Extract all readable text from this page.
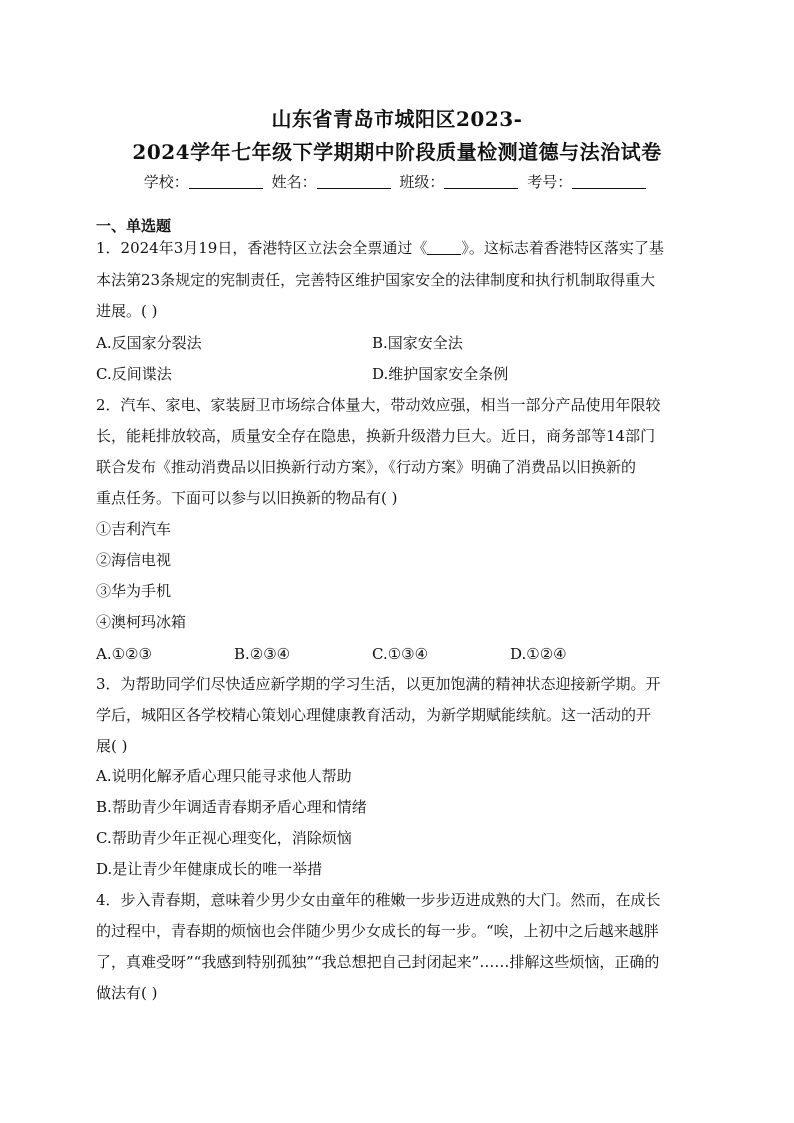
山东省青岛市城阳区2023-
2024学年七年级下学期期中阶段质量检测道德与法治试卷
学校：	姓名：	班级：	考号：
一、单选题
1．2024年3月19日，香港特区立法会全票通过《 》。这标志着香港特区落实了基
本法第23条规定的宪制责任，完善特区维护国家安全的法律制度和执行机制取得重大
进展。( )
A.反国家分裂法	B.国家安全法
C.反间谍法	D.维护国家安全条例
2．汽车、家电、家装厨卫市场综合体量大，带动效应强，相当一部分产品使用年限较
长，能耗排放较高，质量安全存在隐患，换新升级潜力巨大。近日，商务部等14部门
联合发布《推动消费品以旧换新行动方案》，《行动方案》明确了消费品以旧换新的
重点任务。下面可以参与以旧换新的物品有( )
①吉利汽车
②海信电视
③华为手机
④澳柯玛冰箱
A.①②③	B.②③④	C.①③④	D.①②④
3．为帮助同学们尽快适应新学期的学习生活，以更加饱满的精神状态迎接新学期。开
学后，城阳区各学校精心策划心理健康教育活动，为新学期赋能续航。这一活动的开
展( )
A.说明化解矛盾心理只能寻求他人帮助
B.帮助青少年调适青春期矛盾心理和情绪
C.帮助青少年正视心理变化，消除烦恼
D.是让青少年健康成长的唯一举措
4．步入青春期，意味着少男少女由童年的稚嫩一步步迈进成熟的大门。然而，在成长
的过程中，青春期的烦恼也会伴随少男少女成长的每一步。“唉，上初中之后越来越胖
了，真难受呀”“我感到特别孤独”“我总想把自己封闭起来”……排解这些烦恼，正确的
做法有( )
